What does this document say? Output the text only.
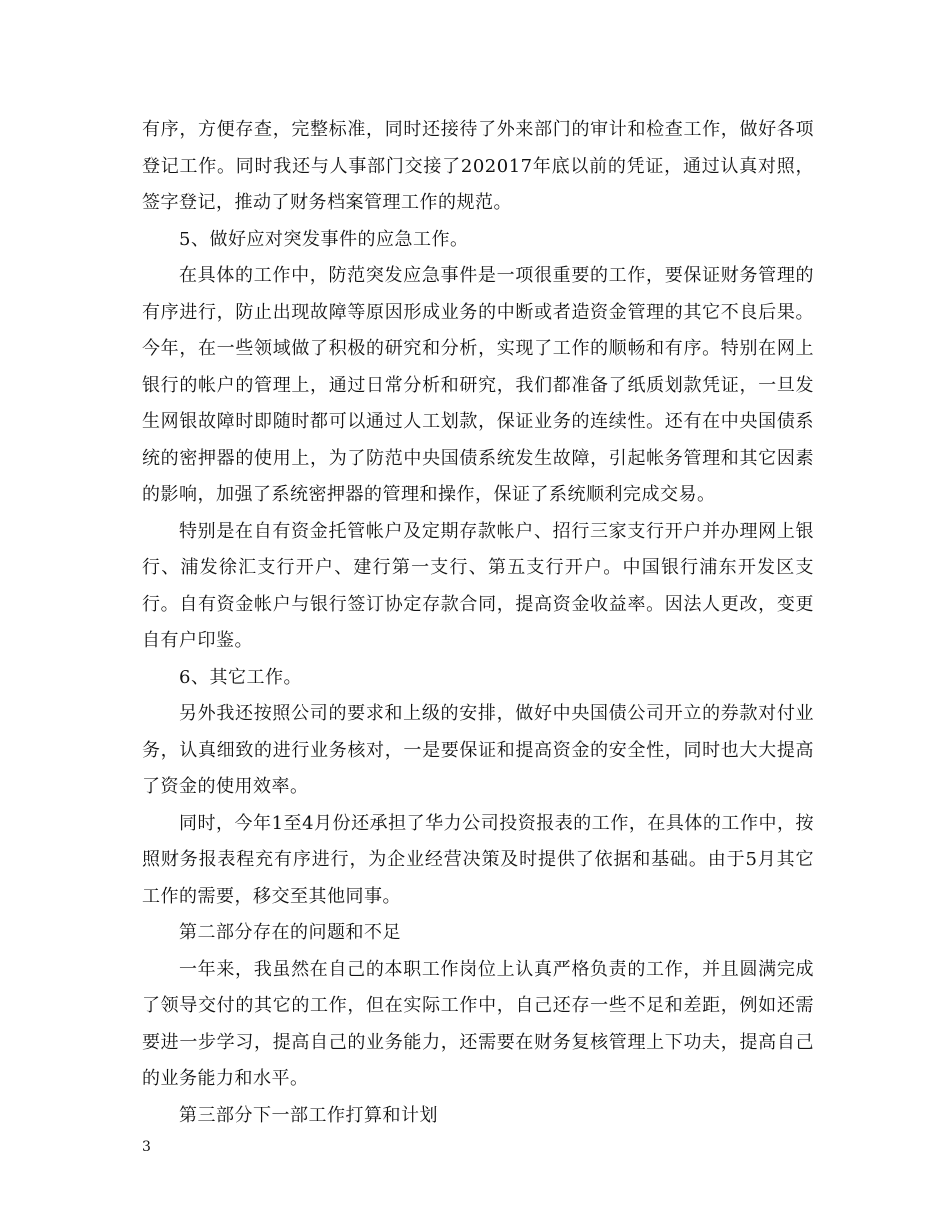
有序，方便存查，完整标准，同时还接待了外来部门的审计和检查工作，做好各项登记工作。同时我还与人事部门交接了202017年底以前的凭证，通过认真对照，签字登记，推动了财务档案管理工作的规范。

5、做好应对突发事件的应急工作。

在具体的工作中，防范突发应急事件是一项很重要的工作，要保证财务管理的有序进行，防止出现故障等原因形成业务的中断或者造资金管理的其它不良后果。今年，在一些领域做了积极的研究和分析，实现了工作的顺畅和有序。特别在网上银行的帐户的管理上，通过日常分析和研究，我们都准备了纸质划款凭证，一旦发生网银故障时即随时都可以通过人工划款，保证业务的连续性。还有在中央国债系统的密押器的使用上，为了防范中央国债系统发生故障，引起帐务管理和其它因素的影响，加强了系统密押器的管理和操作，保证了系统顺利完成交易。

特别是在自有资金托管帐户及定期存款帐户、招行三家支行开户并办理网上银行、浦发徐汇支行开户、建行第一支行、第五支行开户。中国银行浦东开发区支行。自有资金帐户与银行签订协定存款合同，提高资金收益率。因法人更改，变更自有户印鉴。

6、其它工作。

另外我还按照公司的要求和上级的安排，做好中央国债公司开立的券款对付业务，认真细致的进行业务核对，一是要保证和提高资金的安全性，同时也大大提高了资金的使用效率。

同时，今年1至4月份还承担了华力公司投资报表的工作，在具体的工作中，按照财务报表程充有序进行，为企业经营决策及时提供了依据和基础。由于5月其它工作的需要，移交至其他同事。

第二部分存在的问题和不足

一年来，我虽然在自己的本职工作岗位上认真严格负责的工作，并且圆满完成了领导交付的其它的工作，但在实际工作中，自己还存一些不足和差距，例如还需要进一步学习，提高自己的业务能力，还需要在财务复核管理上下功夫，提高自己的业务能力和水平。

第三部分下一部工作打算和计划

3
